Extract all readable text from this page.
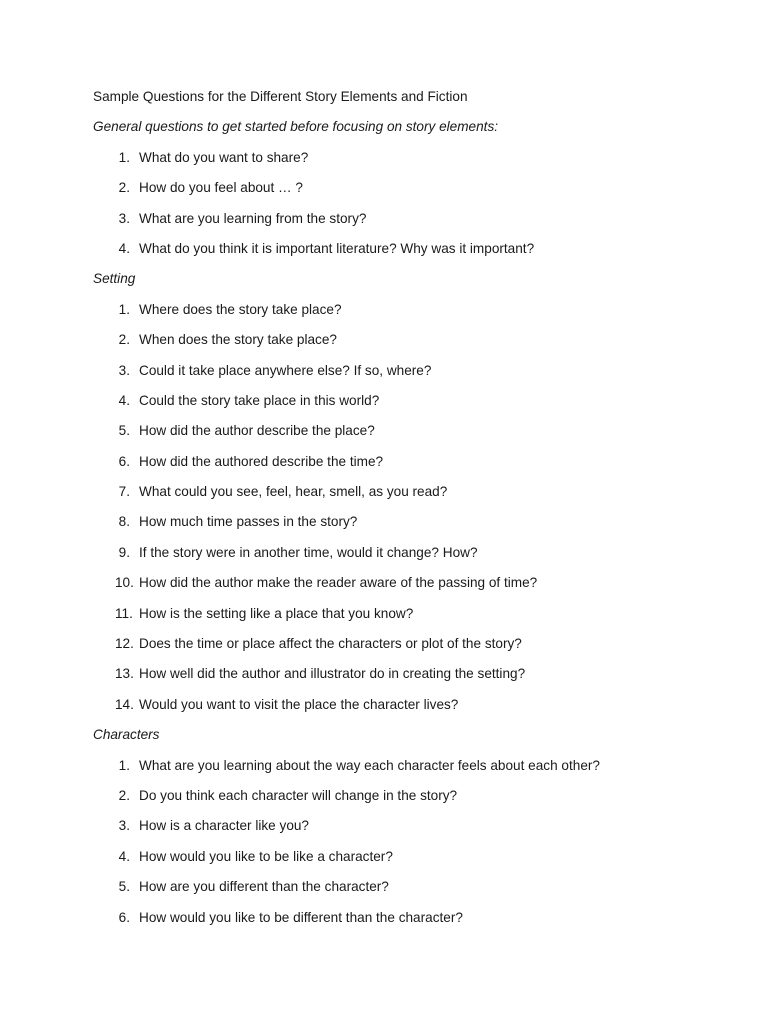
Sample Questions for the Different Story Elements and Fiction
General questions to get started before focusing on story elements:
1. What do you want to share?
2. How do you feel about … ?
3. What are you learning from the story?
4. What do you think it is important literature? Why was it important?
Setting
1. Where does the story take place?
2. When does the story take place?
3. Could it take place anywhere else? If so, where?
4. Could the story take place in this world?
5. How did the author describe the place?
6. How did the authored describe the time?
7. What could you see, feel, hear, smell, as you read?
8. How much time passes in the story?
9. If the story were in another time, would it change? How?
10. How did the author make the reader aware of the passing of time?
11. How is the setting like a place that you know?
12. Does the time or place affect the characters or plot of the story?
13. How well did the author and illustrator do in creating the setting?
14. Would you want to visit the place the character lives?
Characters
1. What are you learning about the way each character feels about each other?
2. Do you think each character will change in the story?
3. How is a character like you?
4. How would you like to be like a character?
5. How are you different than the character?
6. How would you like to be different than the character?
